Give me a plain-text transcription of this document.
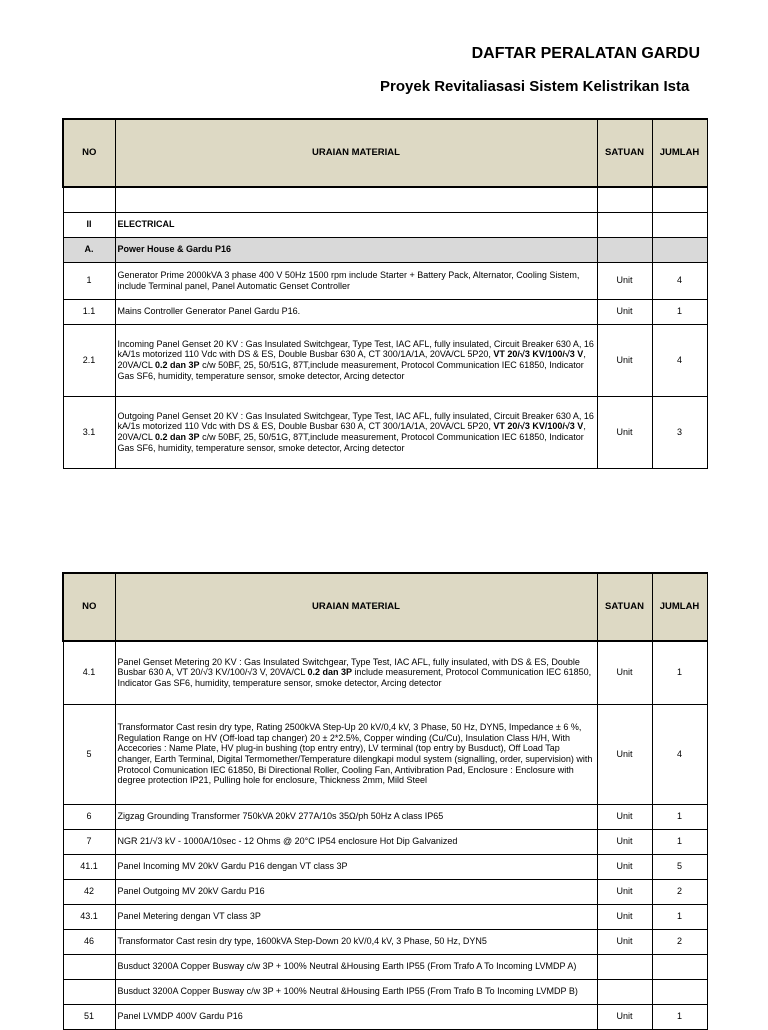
DAFTAR PERALATAN GARDU
Proyek Revitaliasasi Sistem Kelistrikan Ista
NO	URAIAN MATERIAL	SATUAN	JUMLAH

II	ELECTRICAL		
A.	Power House & Gardu P16		
1	Generator Prime 2000kVA 3 phase 400 V 50Hz 1500 rpm include Starter + Battery Pack, Alternator, Cooling Sistem, include Terminal panel, Panel Automatic Genset Controller	Unit	4
1.1	Mains Controller Generator Panel Gardu P16.	Unit	1
2.1	Incoming Panel Genset 20 KV : Gas Insulated Switchgear, Type Test, IAC AFL, fully insulated, Circuit Breaker 630 A, 16 kA/1s motorized 110 Vdc with DS & ES, Double Busbar 630 A, CT 300/1A/1A, 20VA/CL 5P20, VT 20/√3 KV/100/√3 V, 20VA/CL 0.2 dan 3P c/w 50BF, 25, 50/51G, 87T,include measurement, Protocol Communication IEC 61850, Indicator Gas SF6, humidity, temperature sensor, smoke detector, Arcing detector	Unit	4
3.1	Outgoing Panel Genset 20 KV : Gas Insulated Switchgear, Type Test, IAC AFL, fully insulated, Circuit Breaker 630 A, 16 kA/1s motorized 110 Vdc with DS & ES, Double Busbar 630 A, CT 300/1A/1A, 20VA/CL 5P20, VT 20/√3 KV/100/√3 V, 20VA/CL 0.2 dan 3P c/w 50BF, 25, 50/51G, 87T,include measurement, Protocol Communication IEC 61850, Indicator Gas SF6, humidity, temperature sensor, smoke detector, Arcing detector	Unit	3
NO	URAIAN MATERIAL	SATUAN	JUMLAH
4.1	Panel Genset Metering 20 KV : Gas Insulated Switchgear, Type Test, IAC AFL, fully insulated, with DS & ES, Double Busbar 630 A, VT 20/√3 KV/100/√3 V, 20VA/CL 0.2 dan 3P include measurement, Protocol Communication IEC 61850, Indicator Gas SF6, humidity, temperature sensor, smoke detector, Arcing detector	Unit	1
5	Transformator Cast resin dry type, Rating 2500kVA Step-Up 20 kV/0,4 kV, 3 Phase, 50 Hz, DYN5, Impedance ± 6 %, Regulation Range on HV (Off-load tap changer) 20 ± 2*2.5%, Copper winding (Cu/Cu), Insulation Class H/H, With Accecories : Name Plate, HV plug-in bushing (top entry entry), LV terminal (top entry by Busduct), Off Load Tap changer, Earth Terminal, Digital Termomether/Temperature dilengkapi modul system (signalling, order, supervision) with Protocol Comunication IEC 61850, Bi Directional Roller, Cooling Fan, Antivibration Pad, Enclosure : Enclosure with degree protection IP21, Pulling hole for enclosure, Thickness 2mm, Mild Steel	Unit	4
6	Zigzag Grounding Transformer 750kVA 20kV 277A/10s 35Ω/ph 50Hz A class IP65	Unit	1
7	NGR 21/√3 kV - 1000A/10sec - 12 Ohms @ 20°C IP54 enclosure Hot Dip Galvanized	Unit	1
41.1	Panel Incoming MV 20kV Gardu P16 dengan VT class 3P	Unit	5
42	Panel Outgoing MV 20kV Gardu P16	Unit	2
43.1	Panel Metering dengan VT class 3P	Unit	1
46	Transformator Cast resin dry type, 1600kVA Step-Down 20 kV/0,4 kV, 3 Phase, 50 Hz, DYN5	Unit	2
	Busduct 3200A Copper Busway c/w 3P + 100% Neutral &Housing Earth IP55 (From Trafo A To Incoming LVMDP A)		
	Busduct 3200A Copper Busway c/w 3P + 100% Neutral &Housing Earth IP55 (From Trafo B To Incoming LVMDP B)		
51	Panel LVMDP 400V Gardu P16	Unit	1
